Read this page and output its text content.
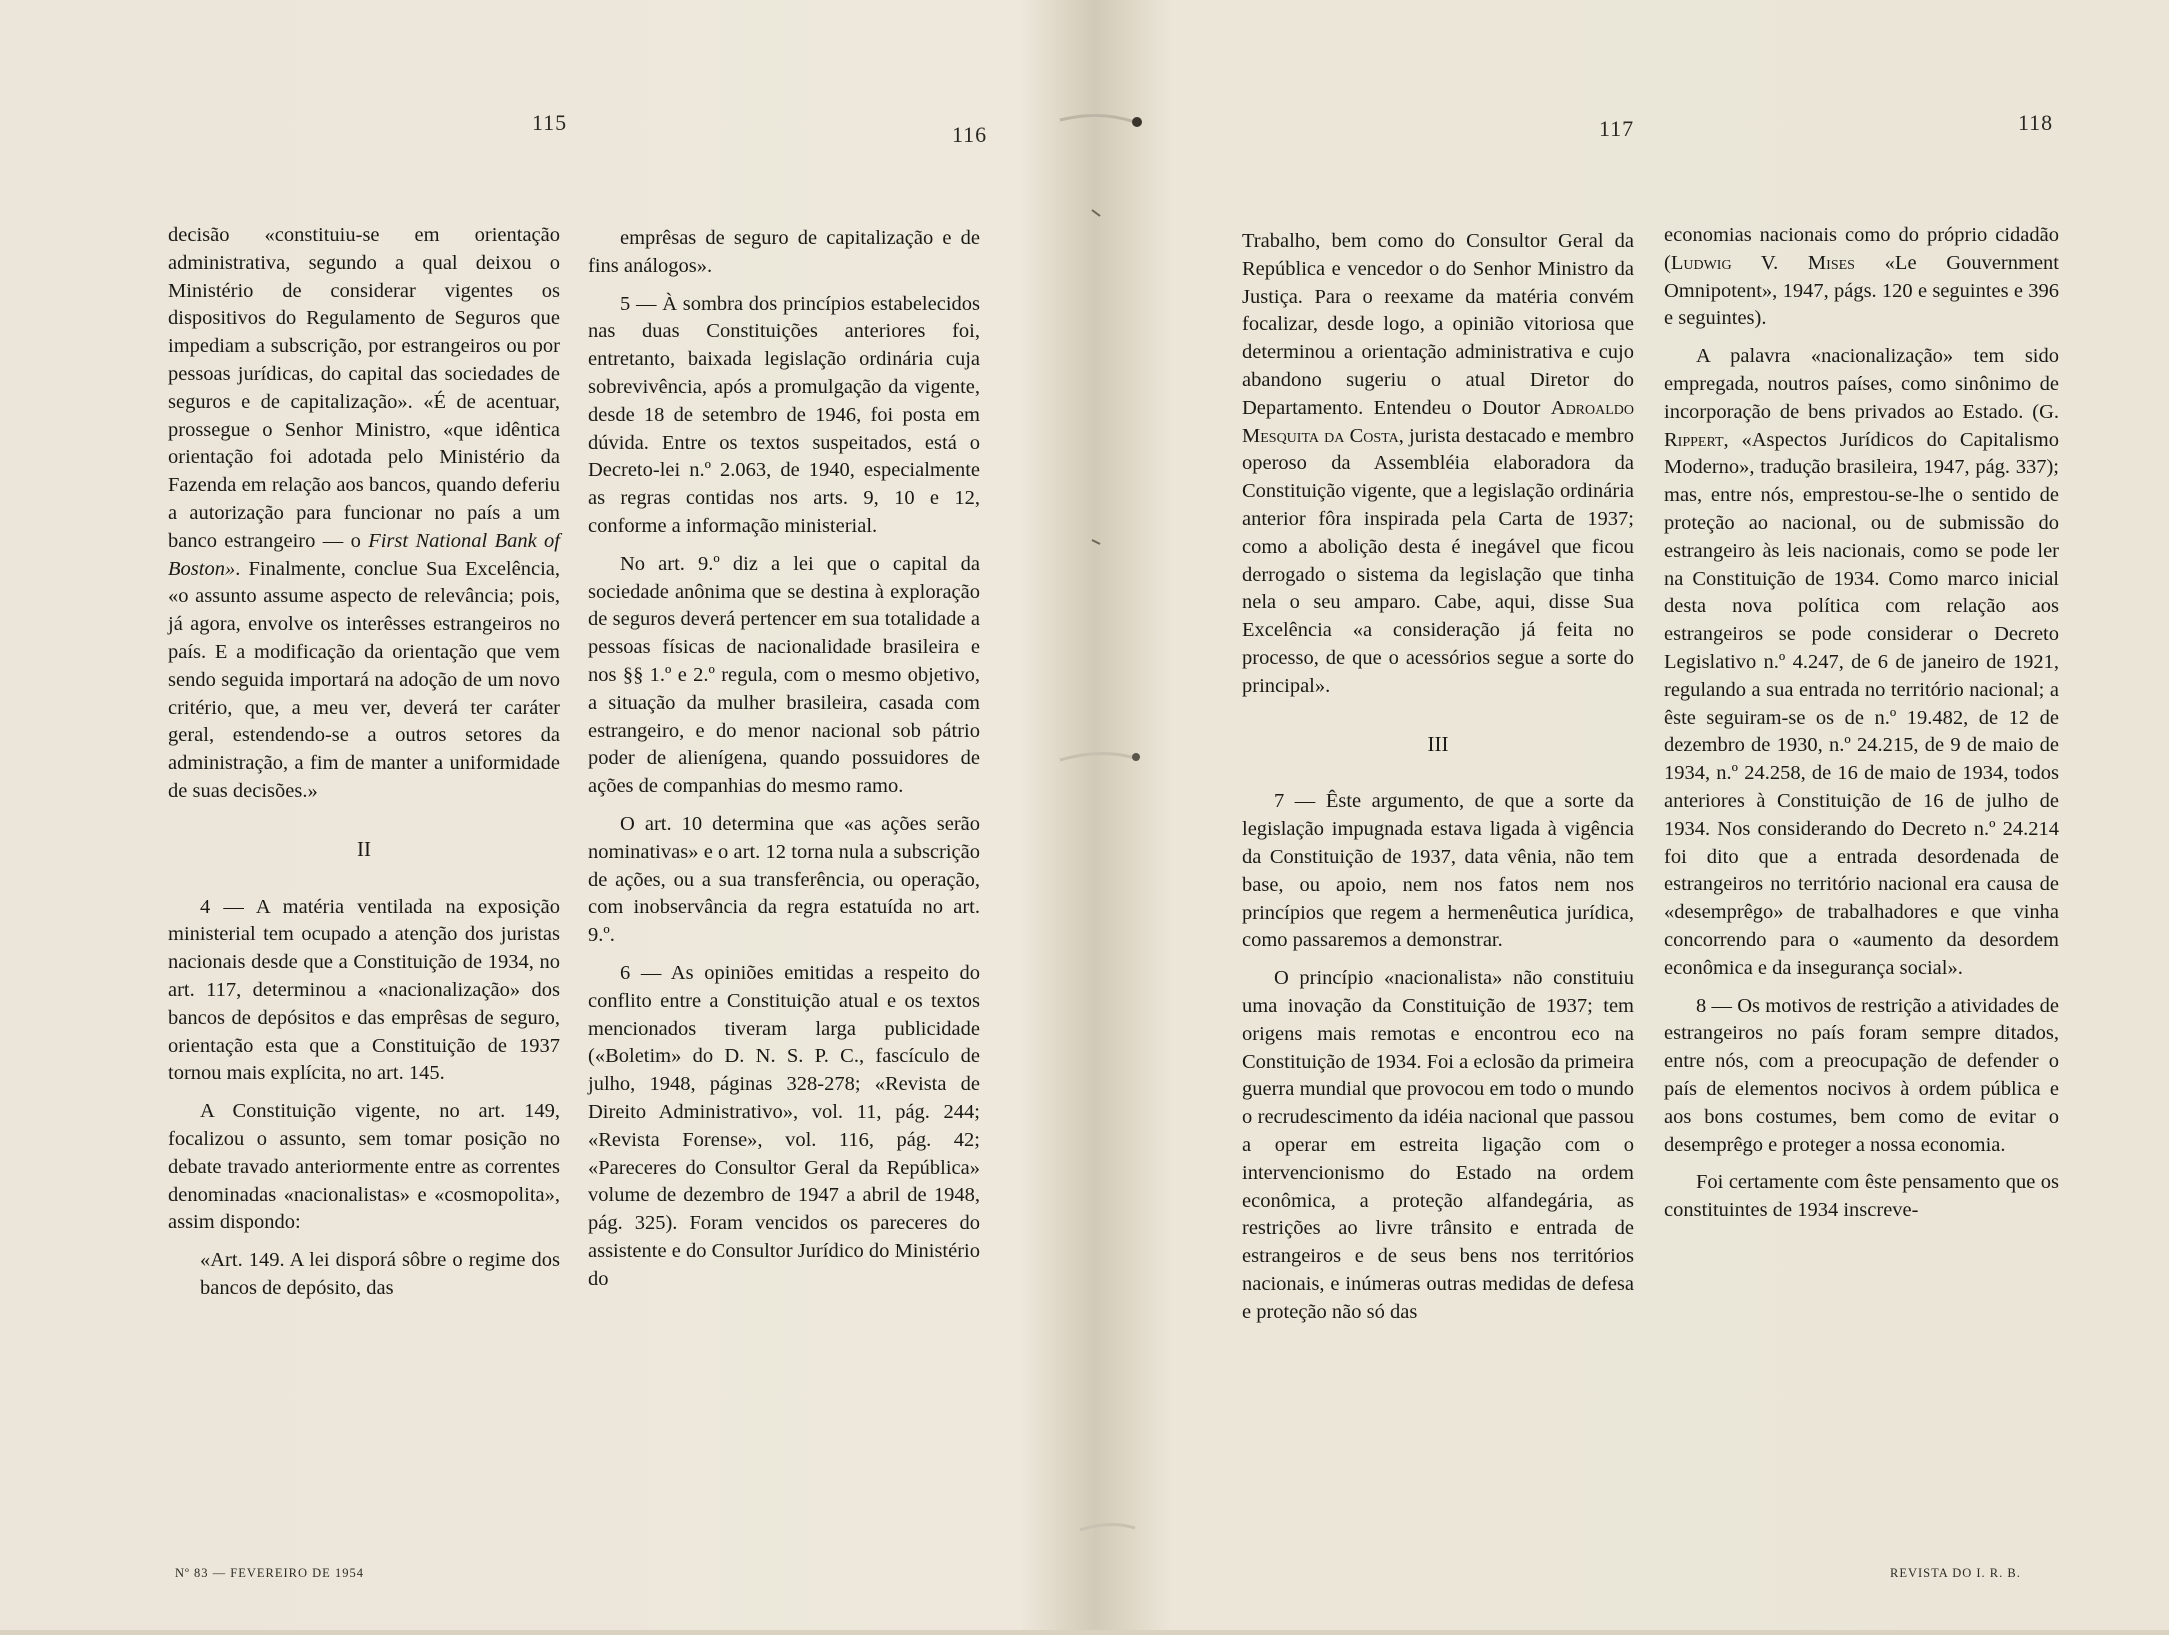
115	116

decisão «constituiu-se em orientação administrativa, segundo a qual deixou o Ministério de considerar vigentes os dispositivos do Regulamento de Seguros que impediam a subscrição, por estrangeiros ou por pessoas jurídicas, do capital das sociedades de seguros e de capitalização». «É de acentuar, prossegue o Senhor Ministro, «que idêntica orientação foi adotada pelo Ministério da Fazenda em relação aos bancos, quando deferiu a autorização para funcionar no país a um banco estrangeiro — o First National Bank of Boston». Finalmente, conclue Sua Excelência, «o assunto assume aspecto de relevância; pois, já agora, envolve os interêsses estrangeiros no país. E a modificação da orientação que vem sendo seguida importará na adoção de um novo critério, que, a meu ver, deverá ter caráter geral, estendendo-se a outros setores da administração, a fim de manter a uniformidade de suas decisões.»

II

4 — A matéria ventilada na exposição ministerial tem ocupado a atenção dos juristas nacionais desde que a Constituição de 1934, no art. 117, determinou a «nacionalização» dos bancos de depósitos e das emprêsas de seguro, orientação esta que a Constituição de 1937 tornou mais explícita, no art. 145.

A Constituição vigente, no art. 149, focalizou o assunto, sem tomar posição no debate travado anteriormente entre as correntes denominadas «nacionalistas» e «cosmopolita», assim dispondo:

«Art. 149. A lei disporá sôbre o regime dos bancos de depósito, das

emprêsas de seguro de capitalização e de fins análogos».

5 — À sombra dos princípios estabelecidos nas duas Constituições anteriores foi, entretanto, baixada legislação ordinária cuja sobrevivência, após a promulgação da vigente, desde 18 de setembro de 1946, foi posta em dúvida. Entre os textos suspeitados, está o Decreto-lei n.º 2.063, de 1940, especialmente as regras contidas nos arts. 9, 10 e 12, conforme a informação ministerial.

No art. 9.º diz a lei que o capital da sociedade anônima que se destina à exploração de seguros deverá pertencer em sua totalidade a pessoas físicas de nacionalidade brasileira e nos §§ 1.º e 2.º regula, com o mesmo objetivo, a situação da mulher brasileira, casada com estrangeiro, e do menor nacional sob pátrio poder de alienígena, quando possuidores de ações de companhias do mesmo ramo.

O art. 10 determina que «as ações serão nominativas» e o art. 12 torna nula a subscrição de ações, ou a sua transferência, ou operação, com inobservância da regra estatuída no art. 9.º.

6 — As opiniões emitidas a respeito do conflito entre a Constituição atual e os textos mencionados tiveram larga publicidade («Boletim» do D. N. S. P. C., fascículo de julho, 1948, páginas 328-278; «Revista de Direito Administrativo», vol. 11, pág. 244; «Revista Forense», vol. 116, pág. 42; «Pareceres do Consultor Geral da República» volume de dezembro de 1947 a abril de 1948, pág. 325). Foram vencidos os pareceres do assistente e do Consultor Jurídico do Ministério do

Nº 83 — FEVEREIRO DE 1954
117	118

Trabalho, bem como do Consultor Geral da República e vencedor o do Senhor Ministro da Justiça. Para o reexame da matéria convém focalizar, desde logo, a opinião vitoriosa que determinou a orientação administrativa e cujo abandono sugeriu o atual Diretor do Departamento. Entendeu o Doutor Adroaldo Mesquita da Costa, jurista destacado e membro operoso da Assembléia elaboradora da Constituição vigente, que a legislação ordinária anterior fôra inspirada pela Carta de 1937; como a abolição desta é inegável que ficou derrogado o sistema da legislação que tinha nela o seu amparo. Cabe, aqui, disse Sua Excelência «a consideração já feita no processo, de que o acessórios segue a sorte do principal».

III

7 — Êste argumento, de que a sorte da legislação impugnada estava ligada à vigência da Constituição de 1937, data vênia, não tem base, ou apoio, nem nos fatos nem nos princípios que regem a hermenêutica jurídica, como passaremos a demonstrar.

O princípio «nacionalista» não constituiu uma inovação da Constituição de 1937; tem origens mais remotas e encontrou eco na Constituição de 1934. Foi a eclosão da primeira guerra mundial que provocou em todo o mundo o recrudescimento da idéia nacional que passou a operar em estreita ligação com o intervencionismo do Estado na ordem econômica, a proteção alfandegária, as restrições ao livre trânsito e entrada de estrangeiros e de seus bens nos territórios nacionais, e inúmeras outras medidas de defesa e proteção não só das

economias nacionais como do próprio cidadão (Ludwig V. Mises «Le Gouvernment Omnipotent», 1947, págs. 120 e seguintes e 396 e seguintes).

A palavra «nacionalização» tem sido empregada, noutros países, como sinônimo de incorporação de bens privados ao Estado. (G. Rippert, «Aspectos Jurídicos do Capitalismo Moderno», tradução brasileira, 1947, pág. 337); mas, entre nós, emprestou-se-lhe o sentido de proteção ao nacional, ou de submissão do estrangeiro às leis nacionais, como se pode ler na Constituição de 1934. Como marco inicial desta nova política com relação aos estrangeiros se pode considerar o Decreto Legislativo n.º 4.247, de 6 de janeiro de 1921, regulando a sua entrada no território nacional; a êste seguiram-se os de n.º 19.482, de 12 de dezembro de 1930, n.º 24.215, de 9 de maio de 1934, n.º 24.258, de 16 de maio de 1934, todos anteriores à Constituição de 16 de julho de 1934. Nos considerando do Decreto n.º 24.214 foi dito que a entrada desordenada de estrangeiros no território nacional era causa de «desemprêgo» de trabalhadores e que vinha concorrendo para o «aumento da desordem econômica e da insegurança social».

8 — Os motivos de restrição a atividades de estrangeiros no país foram sempre ditados, entre nós, com a preocupação de defender o país de elementos nocivos à ordem pública e aos bons costumes, bem como de evitar o desemprêgo e proteger a nossa economia.

Foi certamente com êste pensamento que os constituintes de 1934 inscreve-

REVISTA DO I. R. B.
